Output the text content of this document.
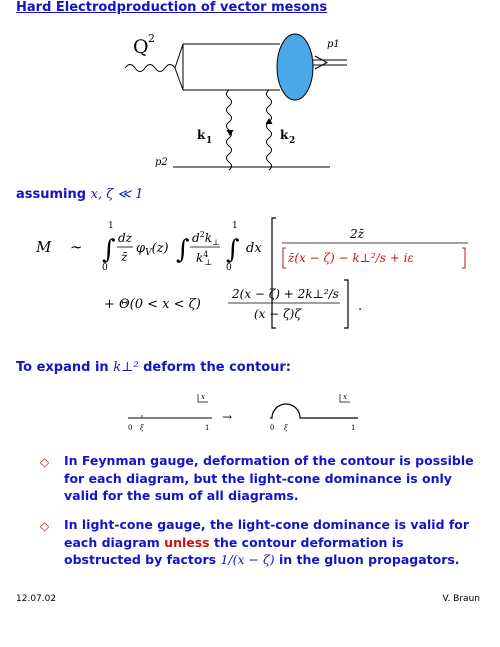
Hard Electrodproduction of vector mesons
Q 2	p1
k 1	k 2
p2
assuming x, ζ ≪ 1
M ∼ ∫
1
0
dz
z̄
$\varphi_V(z)$ ∫ $d^2k_\perp$
$k^4$ ⊥ ∫
1
0
dx
2z̄
z̄(x − ζ) − k⊥²/s + iε
+ Θ(0 < x < ζ)
2(x − ζ) + 2k⊥²/s
(x − ζ)ζ	.
To expand in k⊥² deform the contour:
x
0 ξ	1
→
x
0 ξ	1
◇ In Feynman gauge, deformation of the contour is possible for each diagram, but the light-cone dominance is only valid for the sum of all diagrams.
◇ In light-cone gauge, the light-cone dominance is valid for each diagram unless the contour deformation is obstructed by factors 1/(x − ζ) in the gluon propagators.
12.07.02	V. Braun
